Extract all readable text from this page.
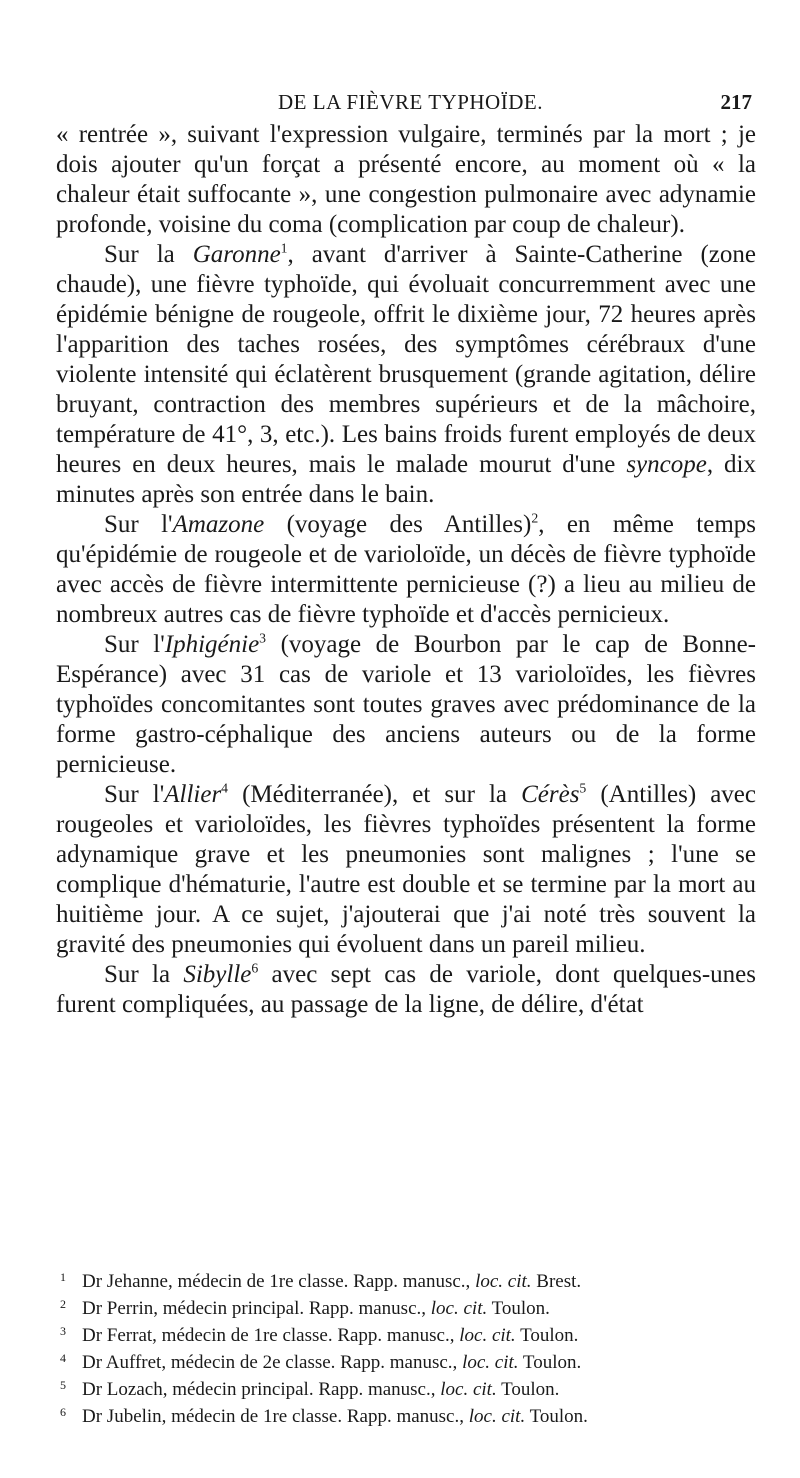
DE LA FIÈVRE TYPHOÏDE.	217

« rentrée », suivant l'expression vulgaire, terminés par la mort ; je dois ajouter qu'un forçat a présenté encore, au moment où « la chaleur était suffocante », une congestion pulmonaire avec adynamie profonde, voisine du coma (complication par coup de chaleur).

Sur la Garonne$^1$, avant d'arriver à Sainte-Catherine (zone chaude), une fièvre typhoïde, qui évoluait concurremment avec une épidémie bénigne de rougeole, offrit le dixième jour, 72 heures après l'apparition des taches rosées, des symptômes cérébraux d'une violente intensité qui éclatèrent brusquement (grande agitation, délire bruyant, contraction des membres supérieurs et de la mâchoire, température de 41°, 3, etc.). Les bains froids furent employés de deux heures en deux heures, mais le malade mourut d'une syncope, dix minutes après son entrée dans le bain.

Sur l'Amazone (voyage des Antilles)$^2$, en même temps qu'épidémie de rougeole et de varioloïde, un décès de fièvre typhoïde avec accès de fièvre intermittente pernicieuse (?) a lieu au milieu de nombreux autres cas de fièvre typhoïde et d'accès pernicieux.

Sur l'Iphigénie$^3$ (voyage de Bourbon par le cap de Bonne-Espérance) avec 31 cas de variole et 13 varioloïdes, les fièvres typhoïdes concomitantes sont toutes graves avec prédominance de la forme gastro-céphalique des anciens auteurs ou de la forme pernicieuse.

Sur l'Allier$^4$ (Méditerranée), et sur la Cérès$^5$ (Antilles) avec rougeoles et varioloïdes, les fièvres typhoïdes présentent la forme adynamique grave et les pneumonies sont malignes ; l'une se complique d'hématurie, l'autre est double et se termine par la mort au huitième jour. A ce sujet, j'ajouterai que j'ai noté très souvent la gravité des pneumonies qui évoluent dans un pareil milieu.

Sur la Sibylle$^6$ avec sept cas de variole, dont quelques-unes furent compliquées, au passage de la ligne, de délire, d'état

1 Dr Jehanne, médecin de 1re classe. Rapp. manusc., loc. cit. Brest.
2 Dr Perrin, médecin principal. Rapp. manusc., loc. cit. Toulon.
3 Dr Ferrat, médecin de 1re classe. Rapp. manusc., loc. cit. Toulon.
4 Dr Auffret, médecin de 2e classe. Rapp. manusc., loc. cit. Toulon.
5 Dr Lozach, médecin principal. Rapp. manusc., loc. cit. Toulon.
6 Dr Jubelin, médecin de 1re classe. Rapp. manusc., loc. cit. Toulon.
